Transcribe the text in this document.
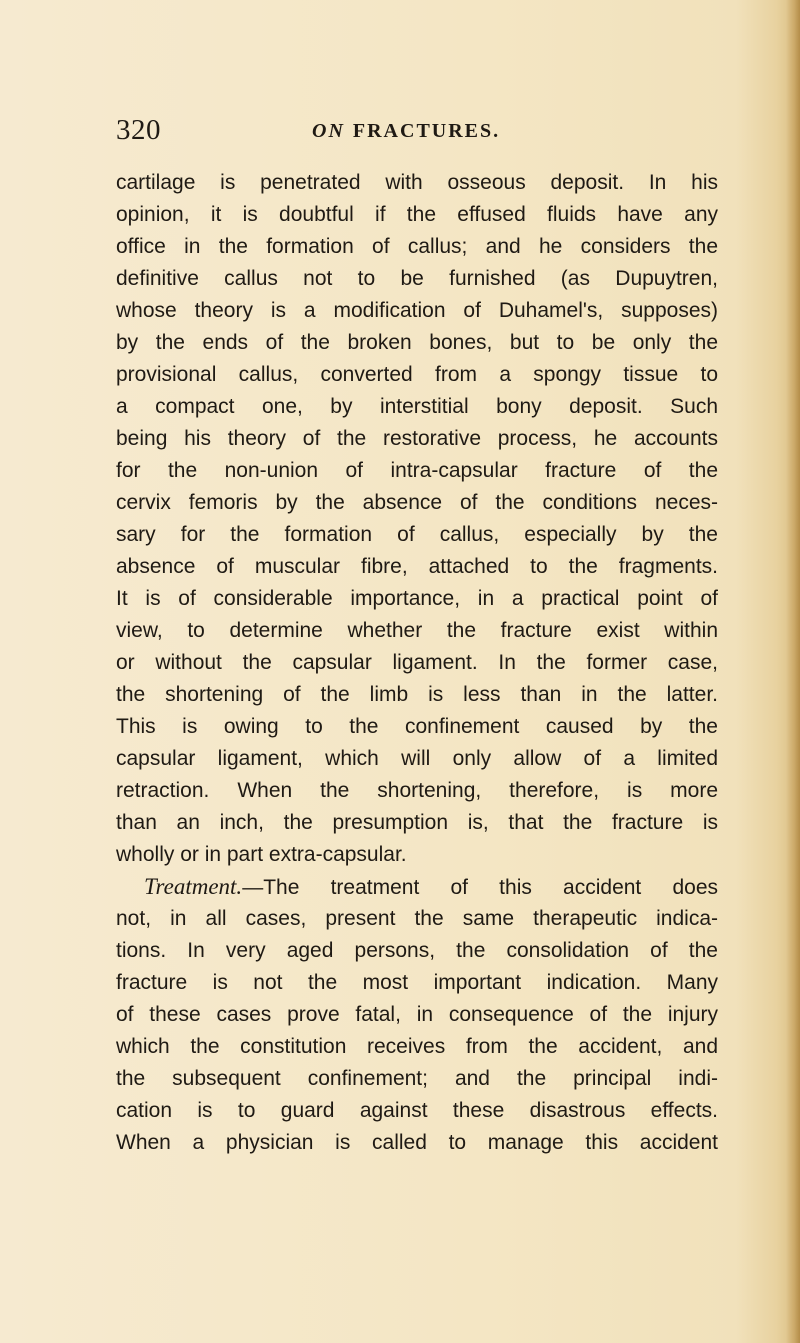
320	ON FRACTURES.
cartilage is penetrated with osseous deposit. In his
opinion, it is doubtful if the effused fluids have any
office in the formation of callus; and he considers the
definitive callus not to be furnished (as Dupuytren,
whose theory is a modification of Duhamel's, supposes)
by the ends of the broken bones, but to be only the
provisional callus, converted from a spongy tissue to
a compact one, by interstitial bony deposit. Such
being his theory of the restorative process, he accounts
for the non-union of intra-capsular fracture of the
cervix femoris by the absence of the conditions neces-
sary for the formation of callus, especially by the
absence of muscular fibre, attached to the fragments.
It is of considerable importance, in a practical point of
view, to determine whether the fracture exist within
or without the capsular ligament. In the former case,
the shortening of the limb is less than in the latter.
This is owing to the confinement caused by the
capsular ligament, which will only allow of a limited
retraction. When the shortening, therefore, is more
than an inch, the presumption is, that the fracture is
wholly or in part extra-capsular.
Treatment.—The treatment of this accident does
not, in all cases, present the same therapeutic indica-
tions. In very aged persons, the consolidation of the
fracture is not the most important indication. Many
of these cases prove fatal, in consequence of the injury
which the constitution receives from the accident, and
the subsequent confinement; and the principal indi-
cation is to guard against these disastrous effects.
When a physician is called to manage this accident
